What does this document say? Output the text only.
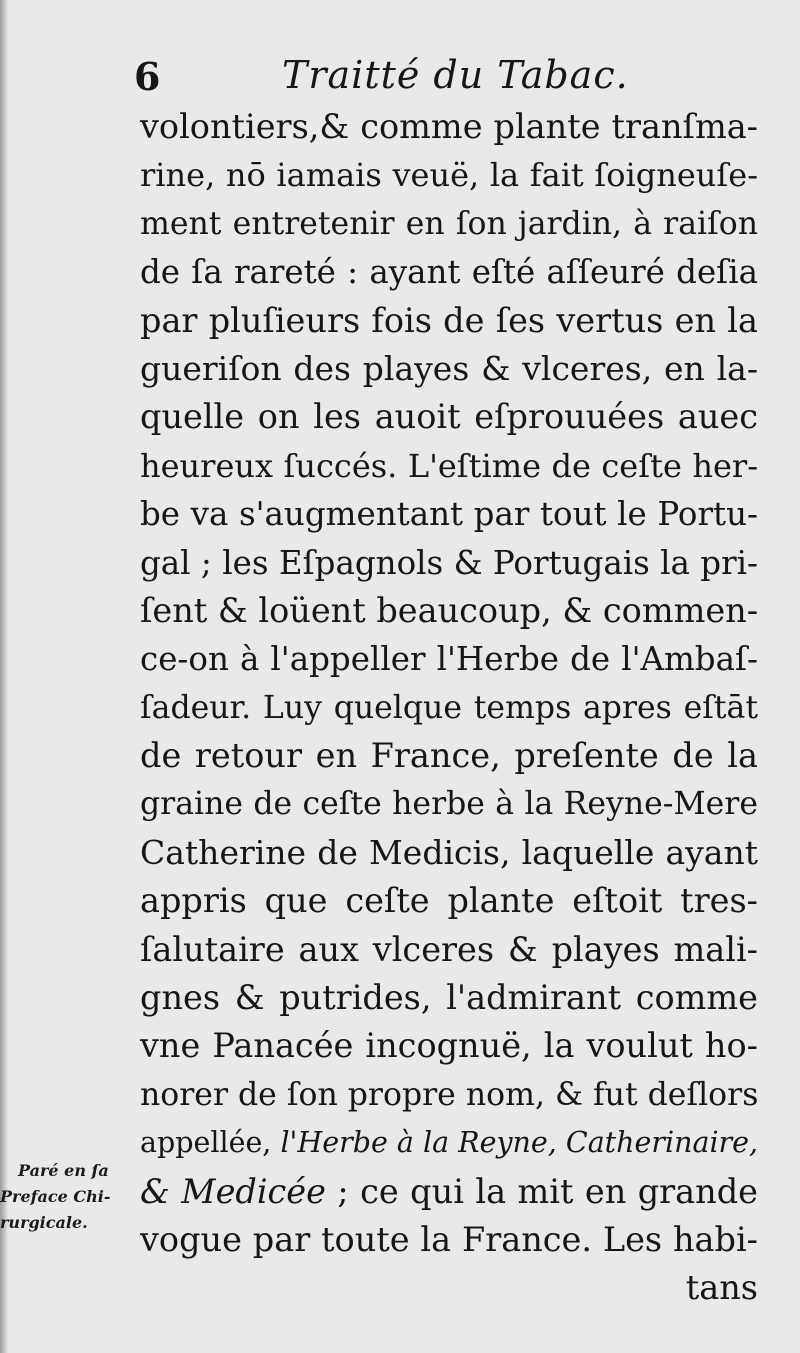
6	Traitté du Tabac.
volontiers,& comme plante tranſma-
rine, nō iamais veuë, la fait ſoigneuſe-
ment entretenir en ſon jardin, à raiſon
de ſa rareté : ayant eſté aſſeuré deſia
par pluſieurs fois de ſes vertus en la
gueriſon des playes & vlceres, en la-
quelle on les auoit eſprouuées auec
heureux ſuccés. L'eſtime de ceſte her-
be va s'augmentant par tout le Portu-
gal ; les Eſpagnols & Portugais la pri-
ſent & loüent beaucoup, & commen-
ce-on à l'appeller l'Herbe de l'Ambaſ-
ſadeur. Luy quelque temps apres eſtāt
de retour en France, preſente de la
graine de ceſte herbe à la Reyne-Mere
Catherine de Medicis, laquelle ayant
appris que ceſte plante eſtoit tres-
ſalutaire aux vlceres & playes mali-
gnes & putrides, l'admirant comme
vne Panacée incognuë, la voulut ho-
norer de ſon propre nom, & fut deſlors
appellée, l'Herbe à la Reyne, Catherinaire,
& Medicée ; ce qui la mit en grande
vogue par toute la France. Les habi-
tans
Paré en ſa
Preface Chi-
rurgicale.
